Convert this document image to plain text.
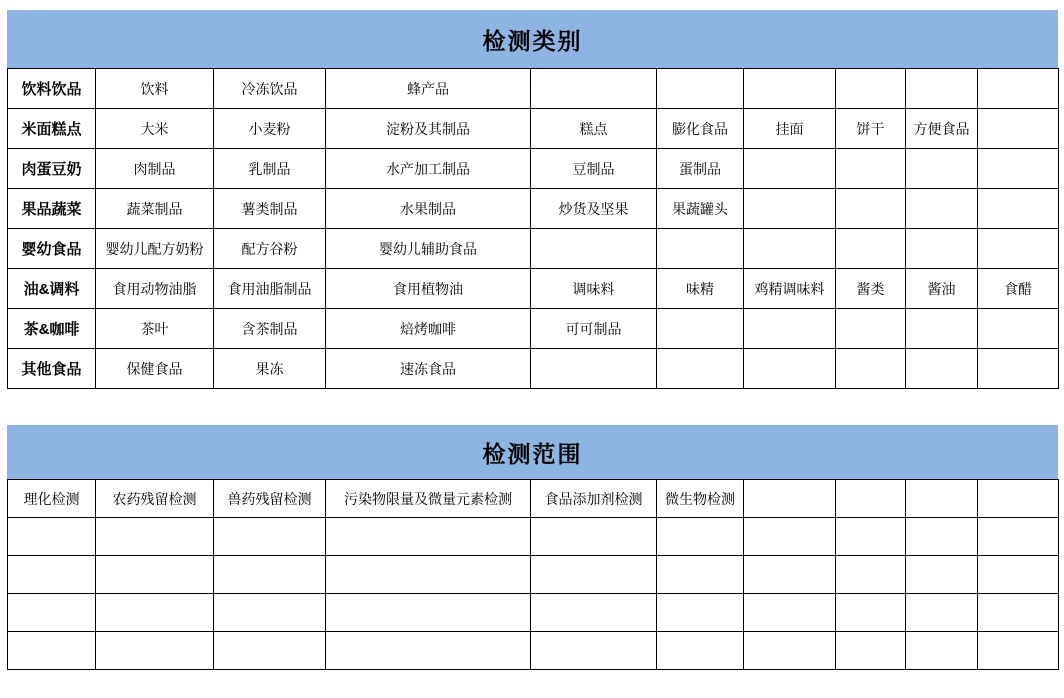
检测类别
饮料饮品	饮料	冷冻饮品	蜂产品						
米面糕点	大米	小麦粉	淀粉及其制品	糕点	膨化食品	挂面	饼干	方便食品	
肉蛋豆奶	肉制品	乳制品	水产加工制品	豆制品	蛋制品				
果品蔬菜	蔬菜制品	薯类制品	水果制品	炒货及坚果	果蔬罐头				
婴幼食品	婴幼儿配方奶粉	配方谷粉	婴幼儿辅助食品						
油&调料	食用动物油脂	食用油脂制品	食用植物油	调味料	味精	鸡精调味料	酱类	酱油	食醋
茶&咖啡	茶叶	含茶制品	焙烤咖啡	可可制品					
其他食品	保健食品	果冻	速冻食品						
检测范围
理化检测	农药残留检测	兽药残留检测	污染物限量及微量元素检测	食品添加剂检测	微生物检测				
